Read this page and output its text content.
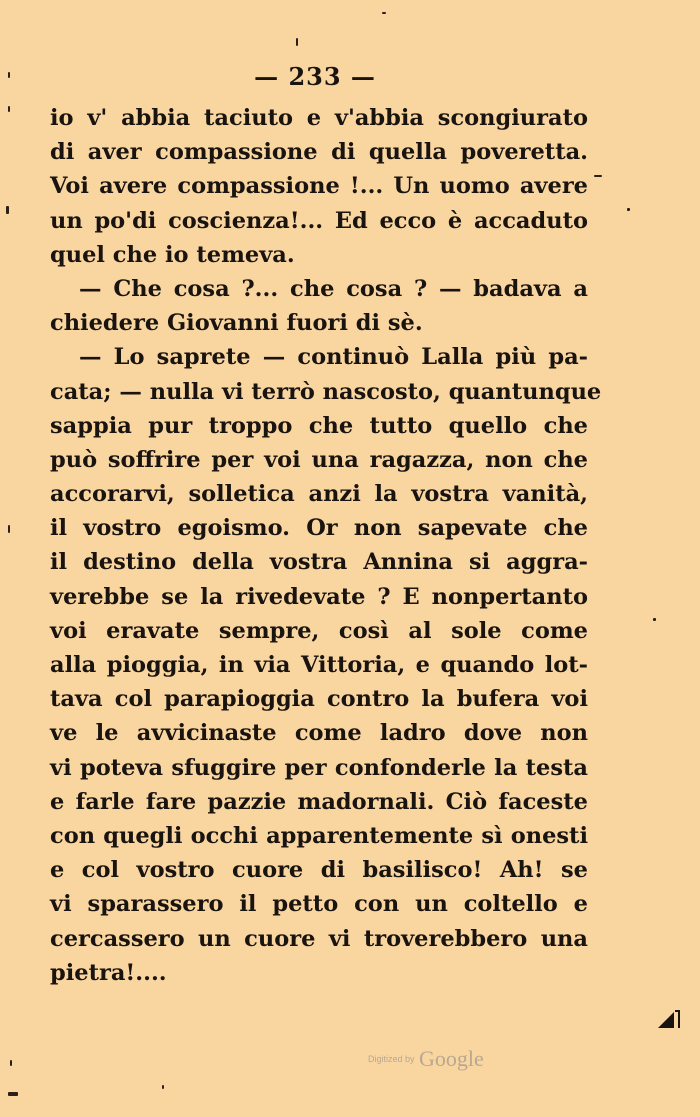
— 233 —
io v' abbia taciuto e v'abbia scongiurato
di aver compassione di quella poveretta.
Voi avere compassione !... Un uomo avere
un po'di coscienza!... Ed ecco è accaduto
quel che io temeva.
— Che cosa ?... che cosa ? — badava a
chiedere Giovanni fuori di sè.
— Lo saprete — continuò Lalla più pa-
cata; — nulla vi terrò nascosto, quantunque
sappia pur troppo che tutto quello che
può soffrire per voi una ragazza, non che
accorarvi, solletica anzi la vostra vanità,
il vostro egoismo. Or non sapevate che
il destino della vostra Annina si aggra-
verebbe se la rivedevate ? E nonpertanto
voi eravate sempre, così al sole come
alla pioggia, in via Vittoria, e quando lot-
tava col parapioggia contro la bufera voi
ve le avvicinaste come ladro dove non
vi poteva sfuggire per confonderle la testa
e farle fare pazzie madornali. Ciò faceste
con quegli occhi apparentemente sì onesti
e col vostro cuore di basilisco! Ah! se
vi sparassero il petto con un coltello e
cercassero un cuore vi troverebbero una
pietra!....
Digitized by Google
